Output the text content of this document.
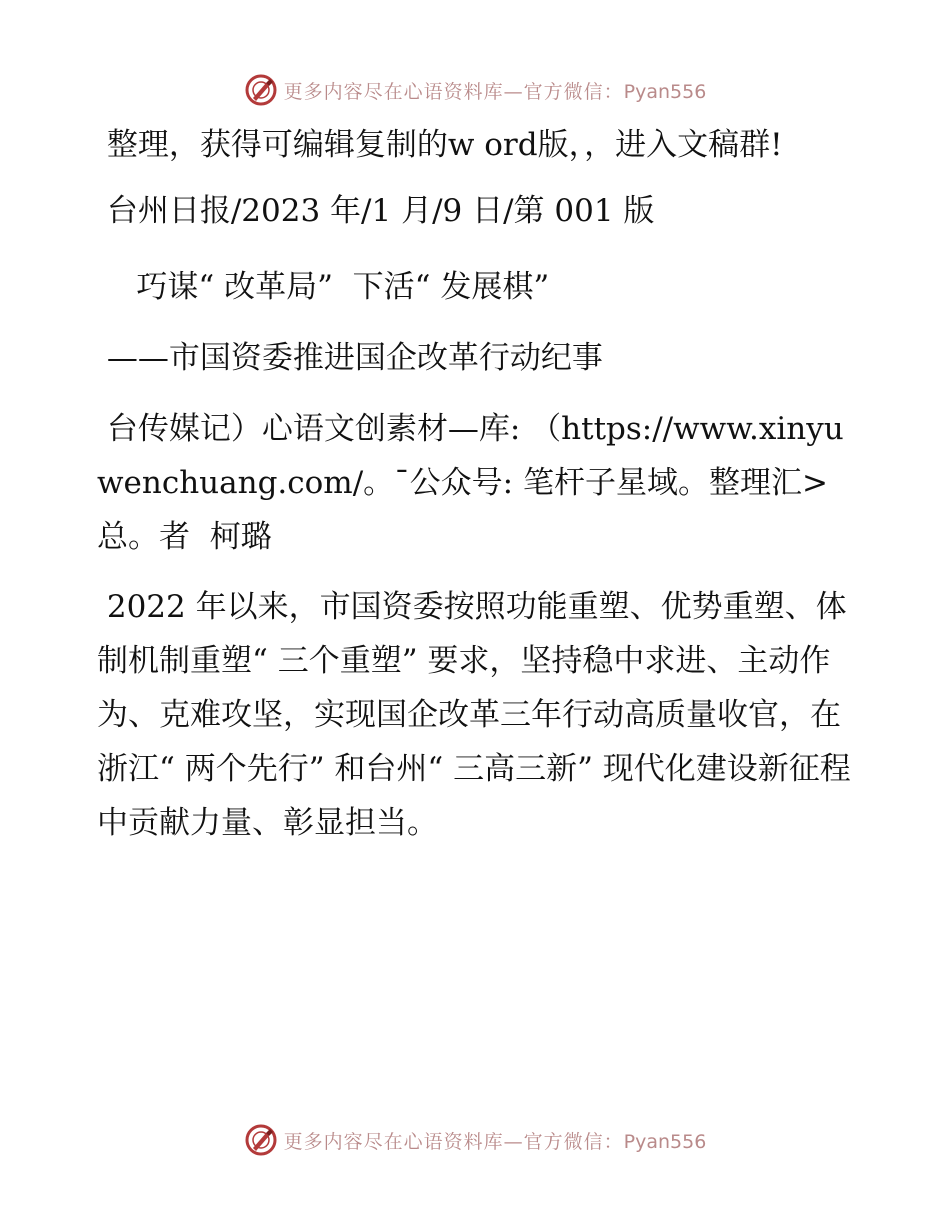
更多内容尽在心语资料库—官方微信：Pyan556

整理，获得可编辑复制的w ord版，，进入文稿群!

台州日报/2023 年/1 月/9 日/第 001 版

巧谋“ 改革局”  下活“ 发展棋”

——市国资委推进国企改革行动纪事

台传媒记）心语文创素材—库: （https://www.xinyuwenchuang.com/。¯公众号: 笔杆子星域。整理汇>总。者  柯璐

2022 年以来，市国资委按照功能重塑、优势重塑、体制机制重塑“ 三个重塑” 要求，坚持稳中求进、主动作为、克难攻坚，实现国企改革三年行动高质量收官，在浙江“ 两个先行” 和台州“ 三高三新” 现代化建设新征程中贡献力量、彰显担当。

更多内容尽在心语资料库—官方微信：Pyan556
